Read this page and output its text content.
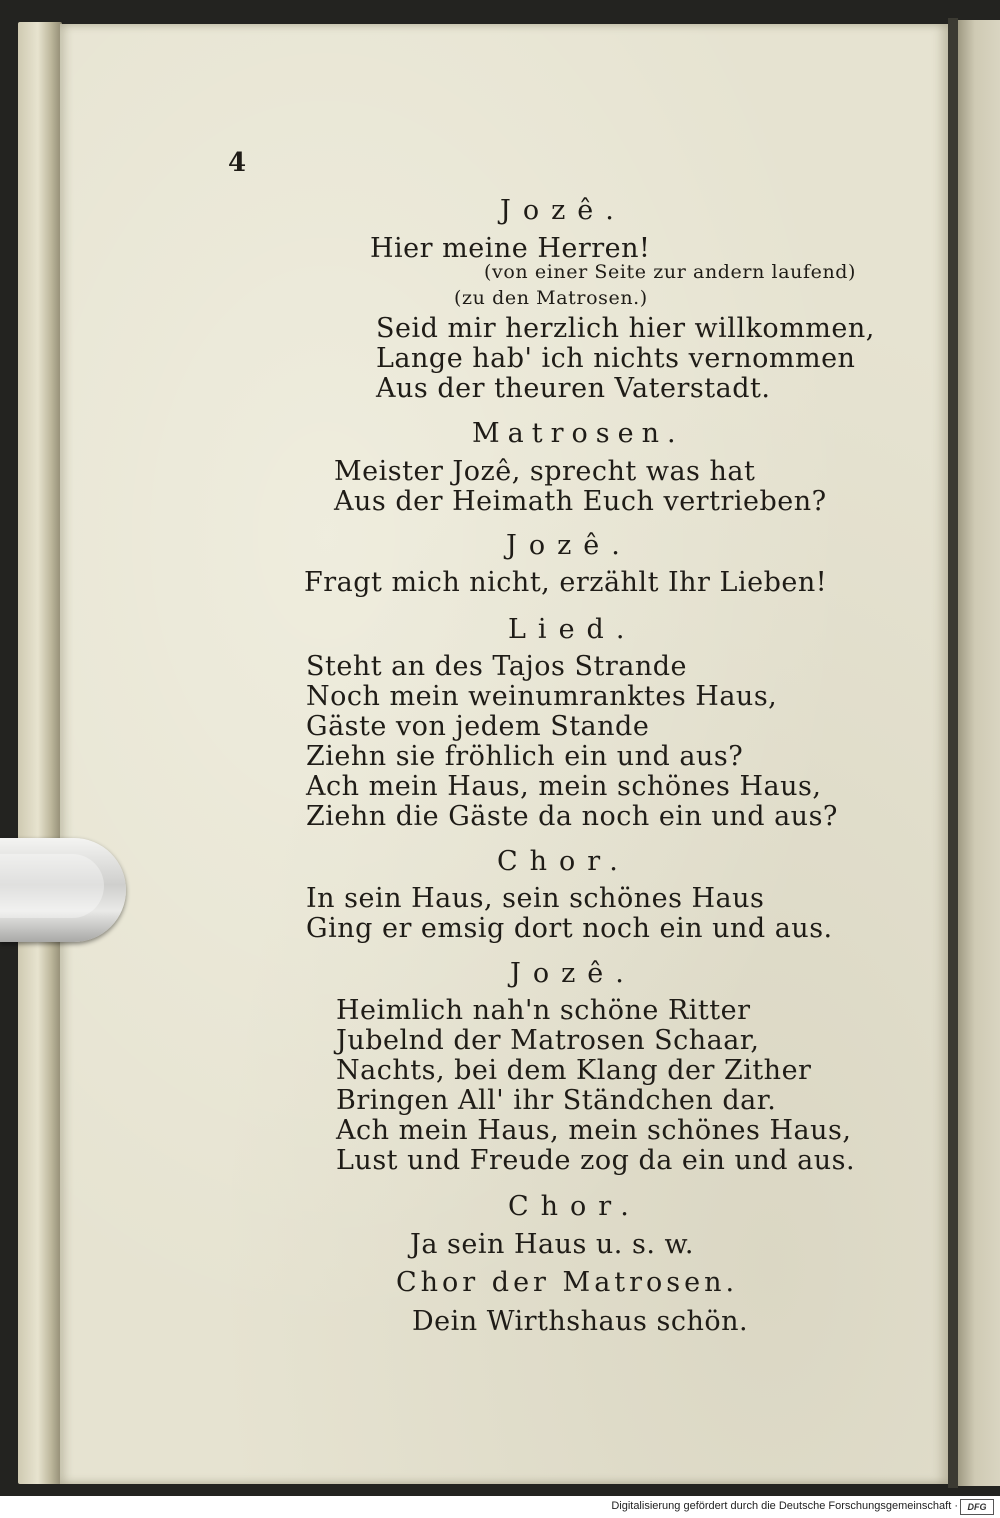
4
Jozê.
Hier meine Herren!
(von einer Seite zur andern laufend)
(zu den Matrosen.)
Seid mir herzlich hier willkommen,
Lange hab' ich nichts vernommen
Aus der theuren Vaterstadt.
Matrosen.
Meister Jozê, sprecht was hat
Aus der Heimath Euch vertrieben?
Jozê.
Fragt mich nicht, erzählt Ihr Lieben!
Lied.
Steht an des Tajos Strande
Noch mein weinumranktes Haus,
Gäste von jedem Stande
Ziehn sie fröhlich ein und aus?
Ach mein Haus, mein schönes Haus,
Ziehn die Gäste da noch ein und aus?
Chor.
In sein Haus, sein schönes Haus
Ging er emsig dort noch ein und aus.
Jozê.
Heimlich nah'n schöne Ritter
Jubelnd der Matrosen Schaar,
Nachts, bei dem Klang der Zither
Bringen All' ihr Ständchen dar.
Ach mein Haus, mein schönes Haus,
Lust und Freude zog da ein und aus.
Chor.
Ja sein Haus u. s. w.
Chor der Matrosen.
Dein Wirthshaus schön.
Digitalisierung gefördert durch die Deutsche Forschungsgemeinschaft ·	DFG
